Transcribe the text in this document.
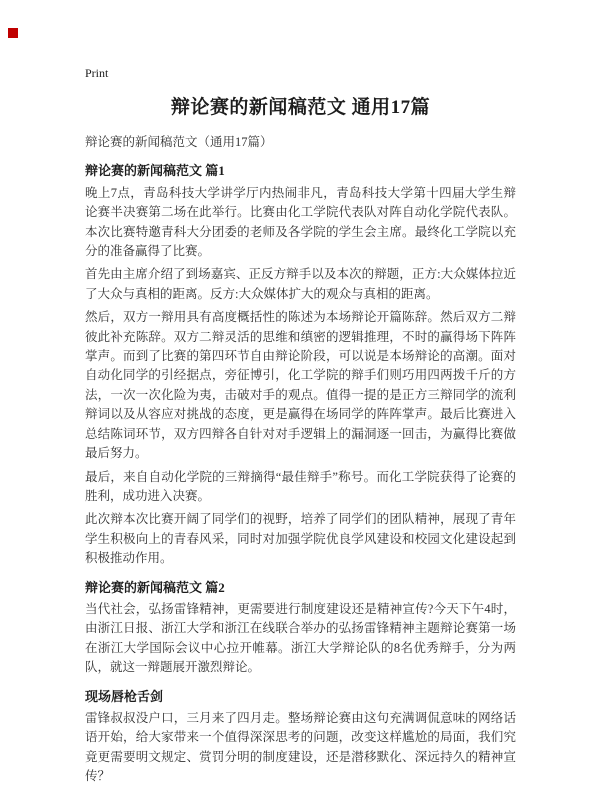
Print
辩论赛的新闻稿范文 通用17篇

辩论赛的新闻稿范文（通用17篇）

辩论赛的新闻稿范文 篇1

晚上7点，青岛科技大学讲学厅内热闹非凡，青岛科技大学第十四届大学生辩论赛半决赛第二场在此举行。比赛由化工学院代表队对阵自动化学院代表队。本次比赛特邀青科大分团委的老师及各学院的学生会主席。最终化工学院以充分的准备赢得了比赛。

首先由主席介绍了到场嘉宾、正反方辩手以及本次的辩题，正方:大众媒体拉近了大众与真相的距离。反方:大众媒体扩大的观众与真相的距离。

然后，双方一辩用具有高度概括性的陈述为本场辩论开篇陈辞。然后双方二辩彼此补充陈辞。双方二辩灵活的思维和缜密的逻辑推理，不时的赢得场下阵阵掌声。而到了比赛的第四环节自由辩论阶段，可以说是本场辩论的高潮。面对自动化同学的引经据点，旁征博引，化工学院的辩手们则巧用四两拨千斤的方法，一次一次化险为夷，击破对手的观点。值得一提的是正方三辩同学的流利辩词以及从容应对挑战的态度，更是赢得在场同学的阵阵掌声。最后比赛进入总结陈词环节，双方四辩各自针对对手逻辑上的漏洞逐一回击，为赢得比赛做最后努力。

最后，来自自动化学院的三辩摘得“最佳辩手”称号。而化工学院获得了论赛的胜利，成功进入决赛。

此次辩本次比赛开阔了同学们的视野，培养了同学们的团队精神，展现了青年学生积极向上的青春风采，同时对加强学院优良学风建设和校园文化建设起到积极推动作用。

辩论赛的新闻稿范文 篇2

当代社会，弘扬雷锋精神，更需要进行制度建设还是精神宣传?今天下午4时，由浙江日报、浙江大学和浙江在线联合举办的弘扬雷锋精神主题辩论赛第一场在浙江大学国际会议中心拉开帷幕。浙江大学辩论队的8名优秀辩手，分为两队，就这一辩题展开激烈辩论。

现场唇枪舌剑

雷锋叔叔没户口，三月来了四月走。整场辩论赛由这句充满调侃意味的网络话语开始，给大家带来一个值得深深思考的问题，改变这样尴尬的局面，我们究竟更需要明文规定、赏罚分明的制度建设，还是潜移默化、深远持久的精神宣传？
